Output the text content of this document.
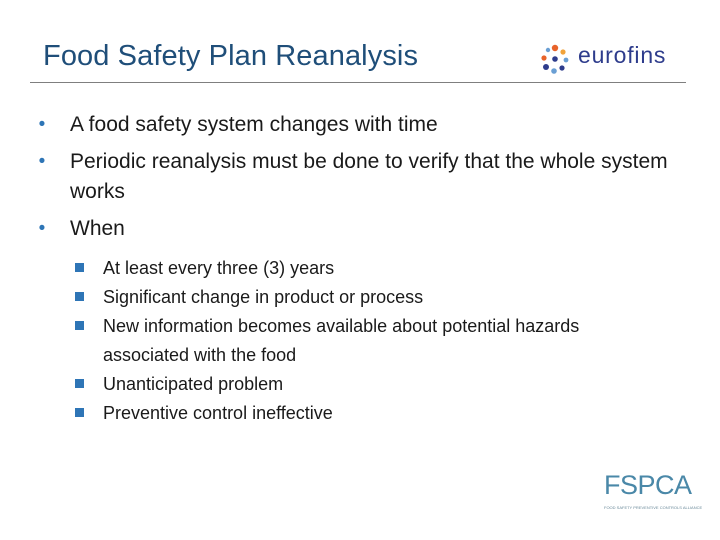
Food Safety Plan Reanalysis	eurofins
•	A food safety system changes with time
•	Periodic reanalysis must be done to verify that the whole system works
•	When
At least every three (3) years
Significant change in product or process
New information becomes available about potential hazards associated with the food
Unanticipated problem
Preventive control ineffective
FSPCA
FOOD SAFETY PREVENTIVE CONTROLS ALLIANCE
